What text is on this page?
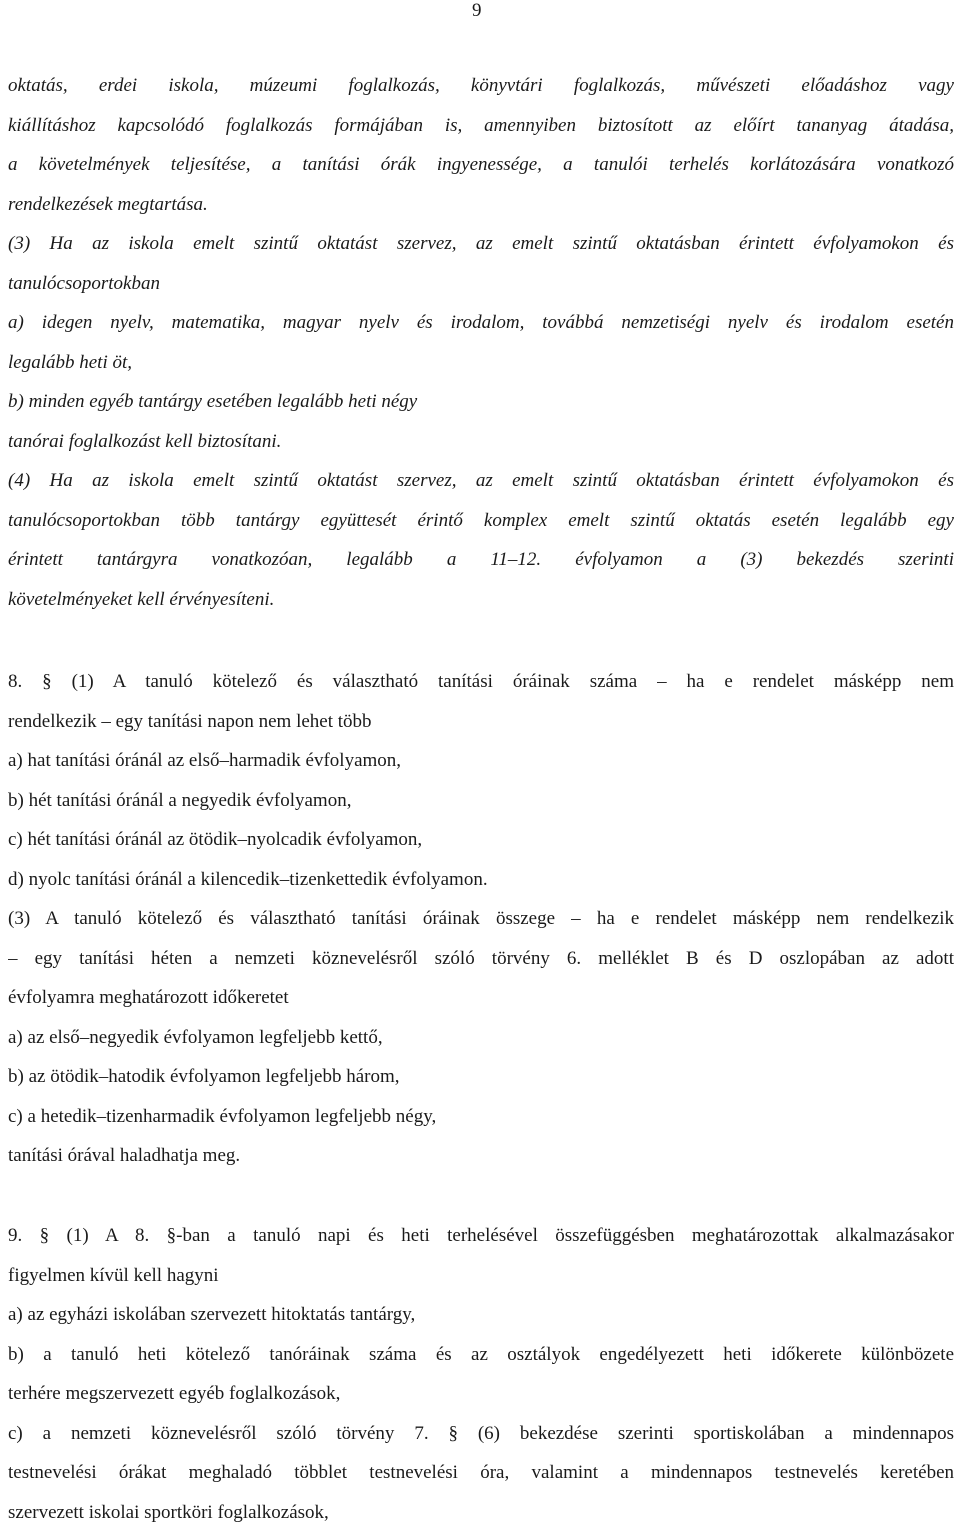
9
oktatás, erdei iskola, múzeumi foglalkozás, könyvtári foglalkozás, művészeti előadáshoz vagy
kiállításhoz kapcsolódó foglalkozás formájában is, amennyiben biztosított az előírt tananyag átadása,
a követelmények teljesítése, a tanítási órák ingyenessége, a tanulói terhelés korlátozására vonatkozó
rendelkezések megtartása.
(3) Ha az iskola emelt szintű oktatást szervez, az emelt szintű oktatásban érintett évfolyamokon és
tanulócsoportokban
a) idegen nyelv, matematika, magyar nyelv és irodalom, továbbá nemzetiségi nyelv és irodalom esetén
legalább heti öt,
b) minden egyéb tantárgy esetében legalább heti négy
tanórai foglalkozást kell biztosítani.
(4) Ha az iskola emelt szintű oktatást szervez, az emelt szintű oktatásban érintett évfolyamokon és
tanulócsoportokban több tantárgy együttesét érintő komplex emelt szintű oktatás esetén legalább egy
érintett tantárgyra vonatkozóan, legalább a 11–12. évfolyamon a (3) bekezdés szerinti
követelményeket kell érvényesíteni.
8. § (1) A tanuló kötelező és választható tanítási óráinak száma – ha e rendelet másképp nem
rendelkezik – egy tanítási napon nem lehet több
a) hat tanítási óránál az első–harmadik évfolyamon,
b) hét tanítási óránál a negyedik évfolyamon,
c) hét tanítási óránál az ötödik–nyolcadik évfolyamon,
d) nyolc tanítási óránál a kilencedik–tizenkettedik évfolyamon.
(3) A tanuló kötelező és választható tanítási óráinak összege – ha e rendelet másképp nem rendelkezik
– egy tanítási héten a nemzeti köznevelésről szóló törvény 6. melléklet B és D oszlopában az adott
évfolyamra meghatározott időkeretet
a) az első–negyedik évfolyamon legfeljebb kettő,
b) az ötödik–hatodik évfolyamon legfeljebb három,
c) a hetedik–tizenharmadik évfolyamon legfeljebb négy,
tanítási órával haladhatja meg.
9. § (1) A 8. §-ban a tanuló napi és heti terhelésével összefüggésben meghatározottak alkalmazásakor
figyelmen kívül kell hagyni
a) az egyházi iskolában szervezett hitoktatás tantárgy,
b) a tanuló heti kötelező tanóráinak száma és az osztályok engedélyezett heti időkerete különbözete
terhére megszervezett egyéb foglalkozások,
c) a nemzeti köznevelésről szóló törvény 7. § (6) bekezdése szerinti sportiskolában a mindennapos
testnevelési órákat meghaladó többlet testnevelési óra, valamint a mindennapos testnevelés keretében
szervezett iskolai sportköri foglalkozások,
